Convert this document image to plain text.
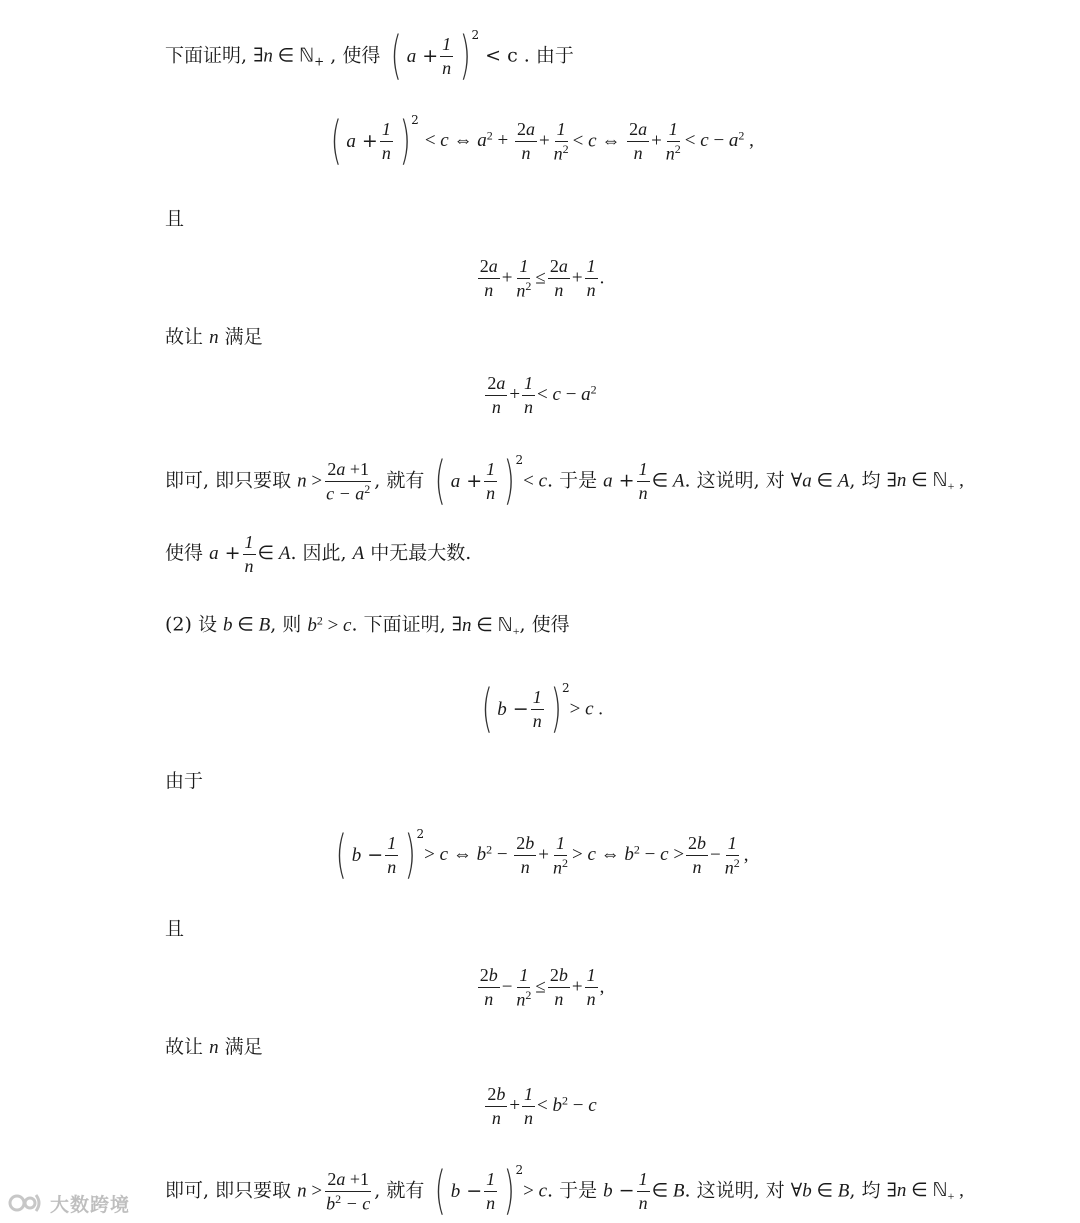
下面证明, ∃n ∈ ℕ$_+$ , 使得 ( $a + \frac{1}{n}$ ) 2
< c . 由于
( $a + \frac{1}{n}$ ) 2
< c ⇔ $a^2 + \frac{2a}{n} + \frac{1}{n^2} < c$ ⇔ $\frac{2a}{n} + \frac{1}{n^2} < c - a^2$ ,
且
$\frac{2a}{n} + \frac{1}{n^2} \le \frac{2a}{n} + \frac{1}{n}$ .
故让 n 满足
$\frac{2a}{n} + \frac{1}{n} < c - a^2$
即可, 即只要取 $n > \frac{2a +1}{c - a^2}$ , 就有 ( $a + \frac{1}{n}$ ) 2
< c. 于是 $a + \frac{1}{n}$ ∈ A. 这说明, 对 ∀a ∈ A, 均 ∃n ∈ ℕ$_+$ ,
使得 $a + \frac{1}{n}$ ∈ A. 因此, A 中无最大数.
(2) 设 b ∈ B, 则 $b^2 > c$. 下面证明, ∃n ∈ ℕ$_+$, 使得
( $b - \frac{1}{n}$ ) 2
> c .
由于
( $b - \frac{1}{n}$ ) 2
> c ⇔ $b^2 - \frac{2b}{n} + \frac{1}{n^2} > c$ ⇔ $b^2 - c > \frac{2b}{n} - \frac{1}{n^2}$ ,
且
$\frac{2b}{n} - \frac{1}{n^2} \le \frac{2b}{n} + \frac{1}{n}$ ,
故让 n 满足
$\frac{2b}{n} + \frac{1}{n} < b^2 - c$
即可, 即只要取 $n > \frac{2a +1}{b^2 - c}$ , 就有 ( $b - \frac{1}{n}$ ) 2
> c. 于是 $b - \frac{1}{n}$ ∈ B. 这说明, 对 ∀b ∈ B, 均 ∃n ∈ ℕ$_+$ ,
大数跨境
